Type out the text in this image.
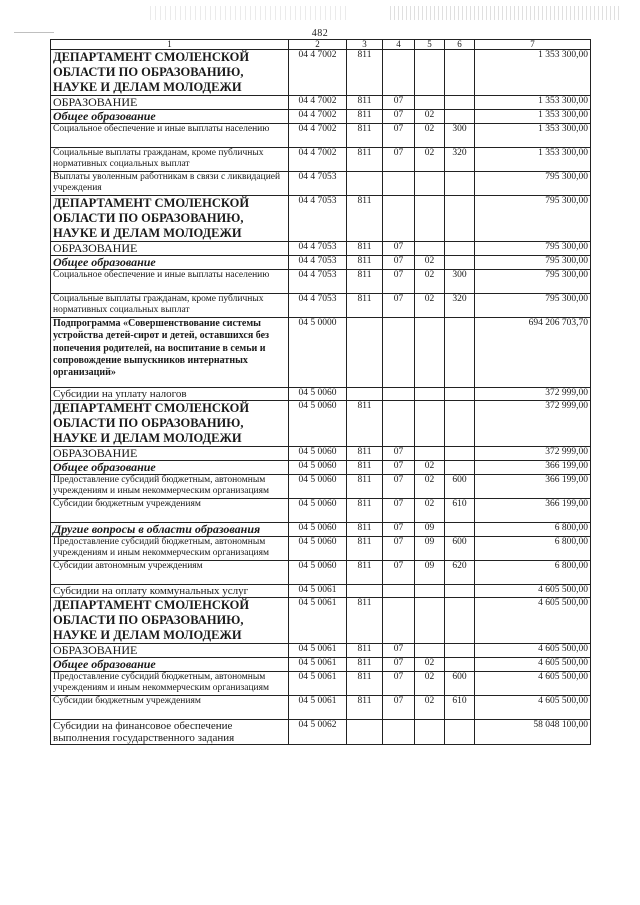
482
1	2	3	4	5	6	7
ДЕПАРТАМЕНТ СМОЛЕНСКОЙ ОБЛАСТИ ПО ОБРАЗОВАНИЮ, НАУКЕ И ДЕЛАМ МОЛОДЕЖИ	04 4 7002	811				1 353 300,00
ОБРАЗОВАНИЕ	04 4 7002	811	07			1 353 300,00
Общее образование	04 4 7002	811	07	02		1 353 300,00
Социальное обеспечение и иные выплаты населению	04 4 7002	811	07	02	300	1 353 300,00
Социальные выплаты гражданам, кроме публичных нормативных социальных выплат	04 4 7002	811	07	02	320	1 353 300,00
Выплаты уволенным работникам в связи с ликвидацией учреждения	04 4 7053					795 300,00
ДЕПАРТАМЕНТ СМОЛЕНСКОЙ ОБЛАСТИ ПО ОБРАЗОВАНИЮ, НАУКЕ И ДЕЛАМ МОЛОДЕЖИ	04 4 7053	811				795 300,00
ОБРАЗОВАНИЕ	04 4 7053	811	07			795 300,00
Общее образование	04 4 7053	811	07	02		795 300,00
Социальное обеспечение и иные выплаты населению	04 4 7053	811	07	02	300	795 300,00
Социальные выплаты гражданам, кроме публичных нормативных социальных выплат	04 4 7053	811	07	02	320	795 300,00
Подпрограмма «Совершенствование системы устройства детей-сирот и детей, оставшихся без попечения родителей, на воспитание в семьи и сопровождение выпускников интернатных организаций»	04 5 0000					694 206 703,70
Субсидии на уплату налогов	04 5 0060					372 999,00
ДЕПАРТАМЕНТ СМОЛЕНСКОЙ ОБЛАСТИ ПО ОБРАЗОВАНИЮ, НАУКЕ И ДЕЛАМ МОЛОДЕЖИ	04 5 0060	811				372 999,00
ОБРАЗОВАНИЕ	04 5 0060	811	07			372 999,00
Общее образование	04 5 0060	811	07	02		366 199,00
Предоставление субсидий бюджетным, автономным учреждениям и иным некоммерческим организациям	04 5 0060	811	07	02	600	366 199,00
Субсидии бюджетным учреждениям	04 5 0060	811	07	02	610	366 199,00
Другие вопросы в области образования	04 5 0060	811	07	09		6 800,00
Предоставление субсидий бюджетным, автономным учреждениям и иным некоммерческим организациям	04 5 0060	811	07	09	600	6 800,00
Субсидии автономным учреждениям	04 5 0060	811	07	09	620	6 800,00
Субсидии на оплату коммунальных услуг	04 5 0061					4 605 500,00
ДЕПАРТАМЕНТ СМОЛЕНСКОЙ ОБЛАСТИ ПО ОБРАЗОВАНИЮ, НАУКЕ И ДЕЛАМ МОЛОДЕЖИ	04 5 0061	811				4 605 500,00
ОБРАЗОВАНИЕ	04 5 0061	811	07			4 605 500,00
Общее образование	04 5 0061	811	07	02		4 605 500,00
Предоставление субсидий бюджетным, автономным учреждениям и иным некоммерческим организациям	04 5 0061	811	07	02	600	4 605 500,00
Субсидии бюджетным учреждениям	04 5 0061	811	07	02	610	4 605 500,00
Субсидии на финансовое обеспечение выполнения государственного задания	04 5 0062					58 048 100,00
